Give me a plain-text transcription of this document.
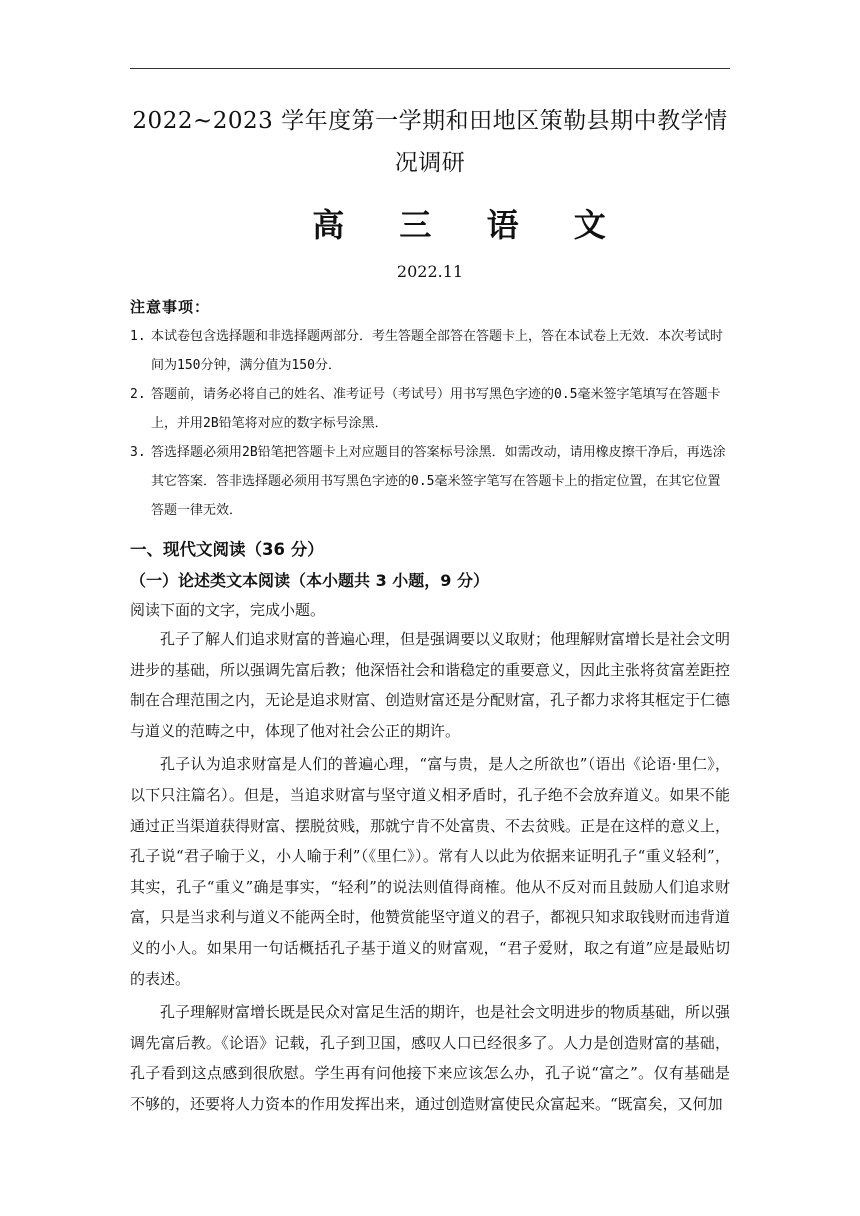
2022~2023 学年度第一学期和田地区策勒县期中教学情况调研
高 三 语 文
2022.11
注意事项：
1. 本试卷包含选择题和非选择题两部分．考生答题全部答在答题卡上，答在本试卷上无效．本次考试时间为150分钟，满分值为150分．
2. 答题前，请务必将自己的姓名、准考证号（考试号）用书写黑色字迹的0.5毫米签字笔填写在答题卡上，并用2B铅笔将对应的数字标号涂黑．
3. 答选择题必须用2B铅笔把答题卡上对应题目的答案标号涂黑．如需改动，请用橡皮擦干净后，再选涂其它答案．答非选择题必须用书写黑色字迹的0.5毫米签字笔写在答题卡上的指定位置，在其它位置答题一律无效．
一、现代文阅读（36 分）
（一）论述类文本阅读（本小题共 3 小题，9 分）
阅读下面的文字，完成小题。

孔子了解人们追求财富的普遍心理，但是强调要以义取财；他理解财富增长是社会文明进步的基础，所以强调先富后教；他深悟社会和谐稳定的重要意义，因此主张将贫富差距控制在合理范围之内，无论是追求财富、创造财富还是分配财富，孔子都力求将其框定于仁德与道义的范畴之中，体现了他对社会公正的期许。

孔子认为追求财富是人们的普遍心理，“富与贵，是人之所欲也”（语出《论语·里仁》，以下只注篇名）。但是，当追求财富与坚守道义相矛盾时，孔子绝不会放弃道义。如果不能通过正当渠道获得财富、摆脱贫贱，那就宁肯不处富贵、不去贫贱。正是在这样的意义上，孔子说“君子喻于义，小人喻于利”（《里仁》）。常有人以此为依据来证明孔子“重义轻利”，其实，孔子“重义”确是事实，“轻利”的说法则值得商榷。他从不反对而且鼓励人们追求财富，只是当求利与道义不能两全时，他赞赏能坚守道义的君子，都视只知求取钱财而违背道义的小人。如果用一句话概括孔子基于道义的财富观，“君子爱财，取之有道”应是最贴切的表述。

孔子理解财富增长既是民众对富足生活的期许，也是社会文明进步的物质基础，所以强调先富后教。《论语》记载，孔子到卫国，感叹人口已经很多了。人力是创造财富的基础，孔子看到这点感到很欣慰。学生再有问他接下来应该怎么办，孔子说“富之”。仅有基础是不够的，还要将人力资本的作用发挥出来，通过创造财富使民众富起来。“既富矣，又何加
